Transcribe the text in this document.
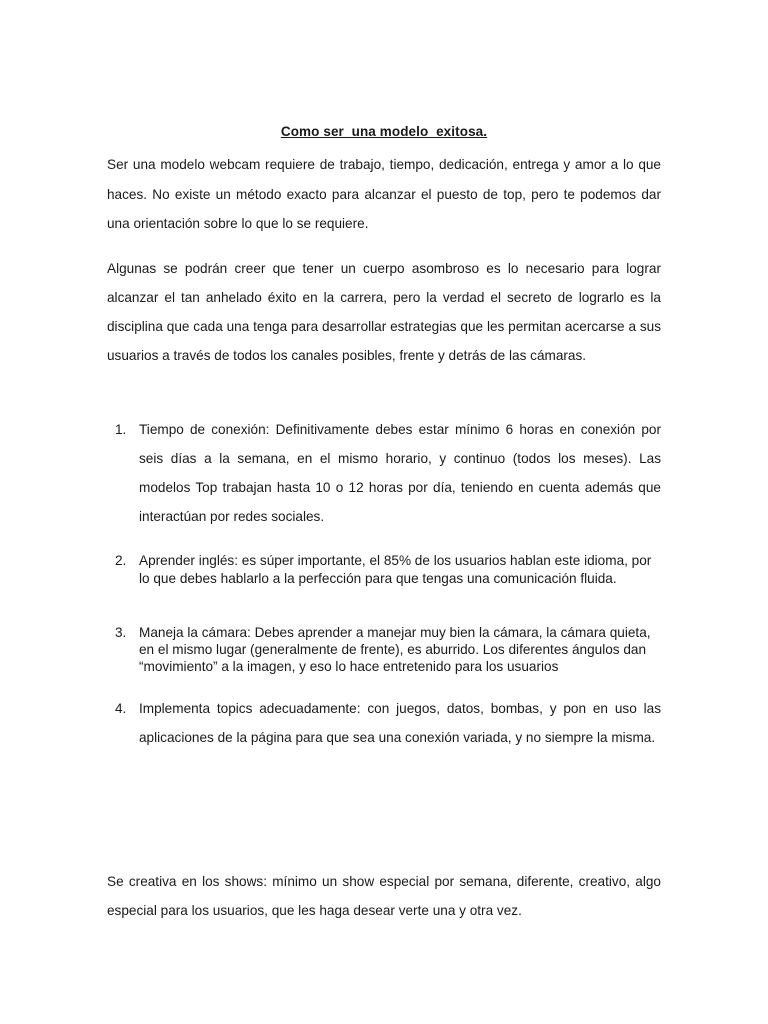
Como ser  una modelo  exitosa.

Ser una modelo webcam requiere de trabajo, tiempo, dedicación, entrega y amor a lo que haces. No existe un método exacto para alcanzar el puesto de top, pero te podemos dar una orientación sobre lo que lo se requiere.

Algunas se podrán creer que tener un cuerpo asombroso es lo necesario para lograr alcanzar el tan anhelado éxito en la carrera, pero la verdad el secreto de lograrlo es la disciplina que cada una tenga para desarrollar estrategias que les permitan acercarse a sus usuarios a través de todos los canales posibles, frente y detrás de las cámaras.

1. Tiempo de conexión: Definitivamente debes estar mínimo 6 horas en conexión por seis días a la semana, en el mismo horario, y continuo (todos los meses). Las modelos Top trabajan hasta 10 o 12 horas por día, teniendo en cuenta además que interactúan por redes sociales.

2. Aprender inglés: es súper importante, el 85% de los usuarios hablan este idioma, por lo que debes hablarlo a la perfección para que tengas una comunicación fluida.

3. Maneja la cámara: Debes aprender a manejar muy bien la cámara, la cámara quieta, en el mismo lugar (generalmente de frente), es aburrido. Los diferentes ángulos dan “movimiento” a la imagen, y eso lo hace entretenido para los usuarios

4. Implementa topics adecuadamente: con juegos, datos, bombas, y pon en uso las aplicaciones de la página para que sea una conexión variada, y no siempre la misma.

Se creativa en los shows: mínimo un show especial por semana, diferente, creativo, algo especial para los usuarios, que les haga desear verte una y otra vez.
